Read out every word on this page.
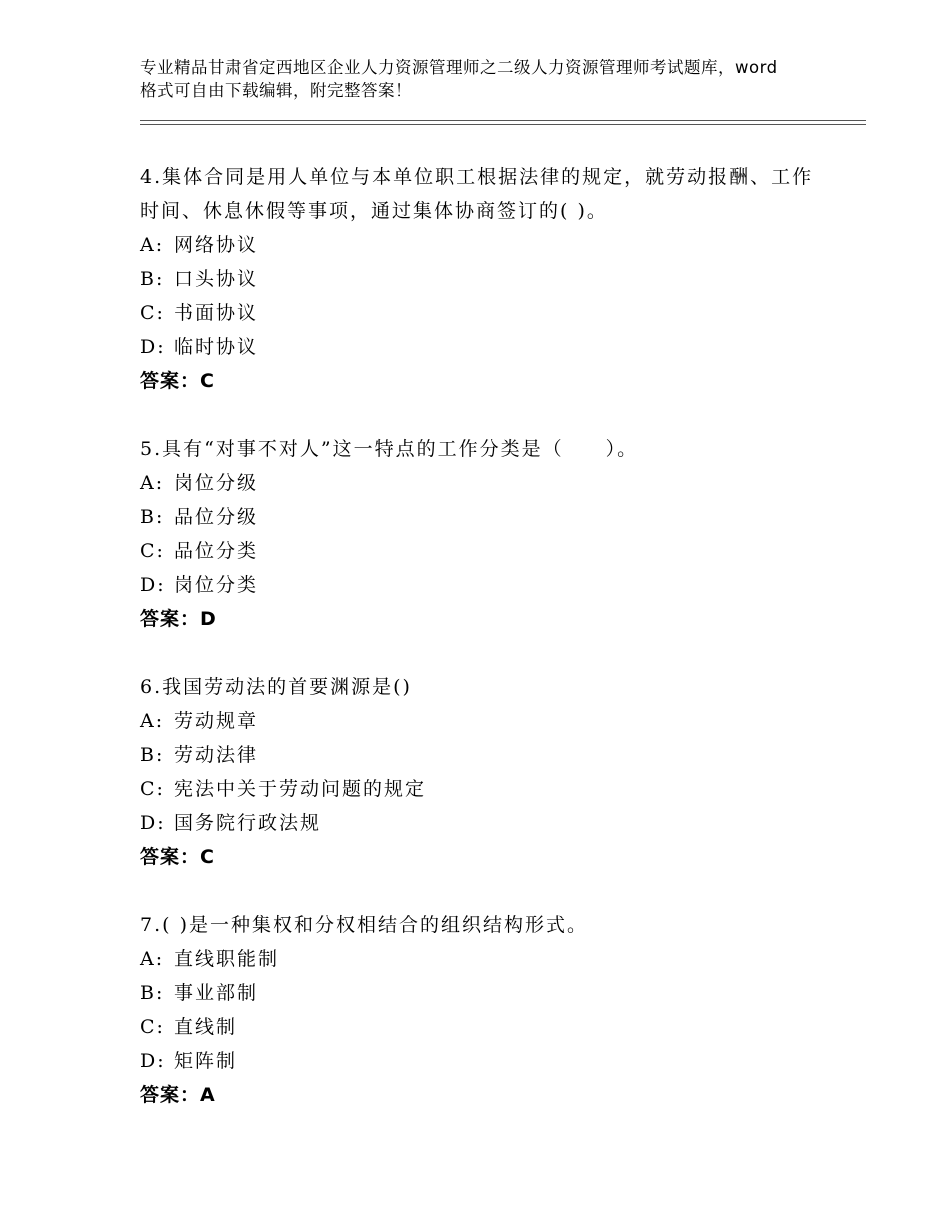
专业精品甘肃省定西地区企业人力资源管理师之二级人力资源管理师考试题库，word格式可自由下载编辑，附完整答案！
4.集体合同是用人单位与本单位职工根据法律的规定，就劳动报酬、工作时间、休息休假等事项，通过集体协商签订的( )。
A: 网络协议
B: 口头协议
C: 书面协议
D: 临时协议
答案：C
5.具有“对事不对人”这一特点的工作分类是（　　）。
A: 岗位分级
B: 品位分级
C: 品位分类
D: 岗位分类
答案：D
6.我国劳动法的首要渊源是()
A: 劳动规章
B: 劳动法律
C: 宪法中关于劳动问题的规定
D: 国务院行政法规
答案：C
7.( )是一种集权和分权相结合的组织结构形式。
A: 直线职能制
B: 事业部制
C: 直线制
D: 矩阵制
答案：A
